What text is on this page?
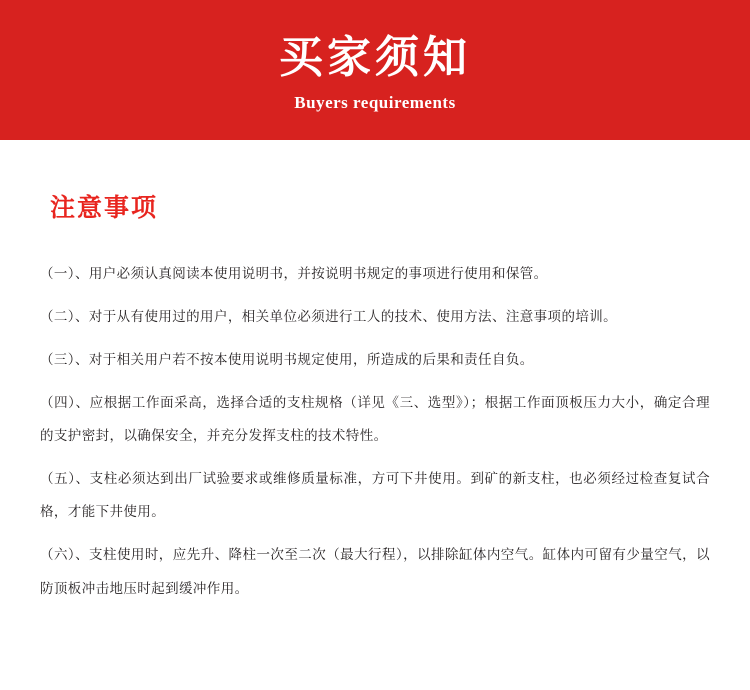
买家须知
Buyers requirements
注意事项
（一）、用户必须认真阅读本使用说明书，并按说明书规定的事项进行使用和保管。
（二）、对于从有使用过的用户，相关单位必须进行工人的技术、使用方法、注意事项的培训。
（三）、对于相关用户若不按本使用说明书规定使用，所造成的后果和责任自负。
（四）、应根据工作面采高，选择合适的支柱规格（详见《三、选型》）；根据工作面顶板压力大小，确定合理的支护密封，以确保安全，并充分发挥支柱的技术特性。
（五）、支柱必须达到出厂试验要求或维修质量标准，方可下井使用。到矿的新支柱，也必须经过检查复试合格，才能下井使用。
（六）、支柱使用时，应先升、降柱一次至二次（最大行程），以排除缸体内空气。缸体内可留有少量空气，以防顶板冲击地压时起到缓冲作用。
